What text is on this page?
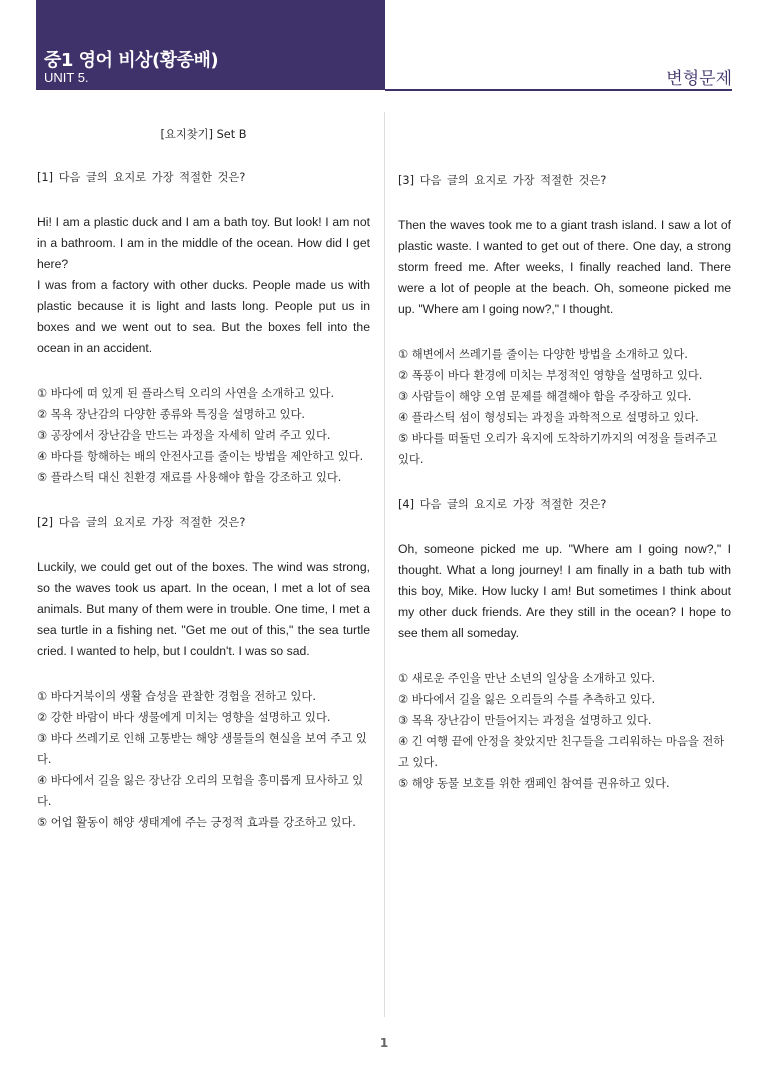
중1 영어 비상(황종배)
UNIT 5.	변형문제
[요지찾기] Set B
[1] 다음 글의 요지로 가장 적절한 것은?

Hi! I am a plastic duck and I am a bath toy. But look! I am not in a bathroom. I am in the middle of the ocean. How did I get here?

I was from a factory with other ducks. People made us with plastic because it is light and lasts long. People put us in boxes and we went out to sea. But the boxes fell into the ocean in an accident.

① 바다에 떠 있게 된 플라스틱 오리의 사연을 소개하고 있다.
② 목욕 장난감의 다양한 종류와 특징을 설명하고 있다.
③ 공장에서 장난감을 만드는 과정을 자세히 알려 주고 있다.
④ 바다를 항해하는 배의 안전사고를 줄이는 방법을 제안하고 있다.
⑤ 플라스틱 대신 친환경 재료를 사용해야 함을 강조하고 있다.
[2] 다음 글의 요지로 가장 적절한 것은?

Luckily, we could get out of the boxes. The wind was strong, so the waves took us apart. In the ocean, I met a lot of sea animals. But many of them were in trouble. One time, I met a sea turtle in a fishing net. "Get me out of this," the sea turtle cried. I wanted to help, but I couldn't. I was so sad.

① 바다거북이의 생활 습성을 관찰한 경험을 전하고 있다.
② 강한 바람이 바다 생물에게 미치는 영향을 설명하고 있다.
③ 바다 쓰레기로 인해 고통받는 해양 생물들의 현실을 보여 주고 있다.
④ 바다에서 길을 잃은 장난감 오리의 모험을 흥미롭게 묘사하고 있다.
⑤ 어업 활동이 해양 생태계에 주는 긍정적 효과를 강조하고 있다.
[3] 다음 글의 요지로 가장 적절한 것은?

Then the waves took me to a giant trash island. I saw a lot of plastic waste. I wanted to get out of there. One day, a strong storm freed me. After weeks, I finally reached land. There were a lot of people at the beach. Oh, someone picked me up. "Where am I going now?," I thought.

① 해변에서 쓰레기를 줄이는 다양한 방법을 소개하고 있다.
② 폭풍이 바다 환경에 미치는 부정적인 영향을 설명하고 있다.
③ 사람들이 해양 오염 문제를 해결해야 함을 주장하고 있다.
④ 플라스틱 섬이 형성되는 과정을 과학적으로 설명하고 있다.
⑤ 바다를 떠돌던 오리가 육지에 도착하기까지의 여정을 들려주고 있다.
[4] 다음 글의 요지로 가장 적절한 것은?

Oh, someone picked me up. "Where am I going now?," I thought. What a long journey! I am finally in a bath tub with this boy, Mike. How lucky I am! But sometimes I think about my other duck friends. Are they still in the ocean? I hope to see them all someday.

① 새로운 주인을 만난 소년의 일상을 소개하고 있다.
② 바다에서 길을 잃은 오리들의 수를 추측하고 있다.
③ 목욕 장난감이 만들어지는 과정을 설명하고 있다.
④ 긴 여행 끝에 안정을 찾았지만 친구들을 그리워하는 마음을 전하고 있다.
⑤ 해양 동물 보호를 위한 캠페인 참여를 권유하고 있다.
1
